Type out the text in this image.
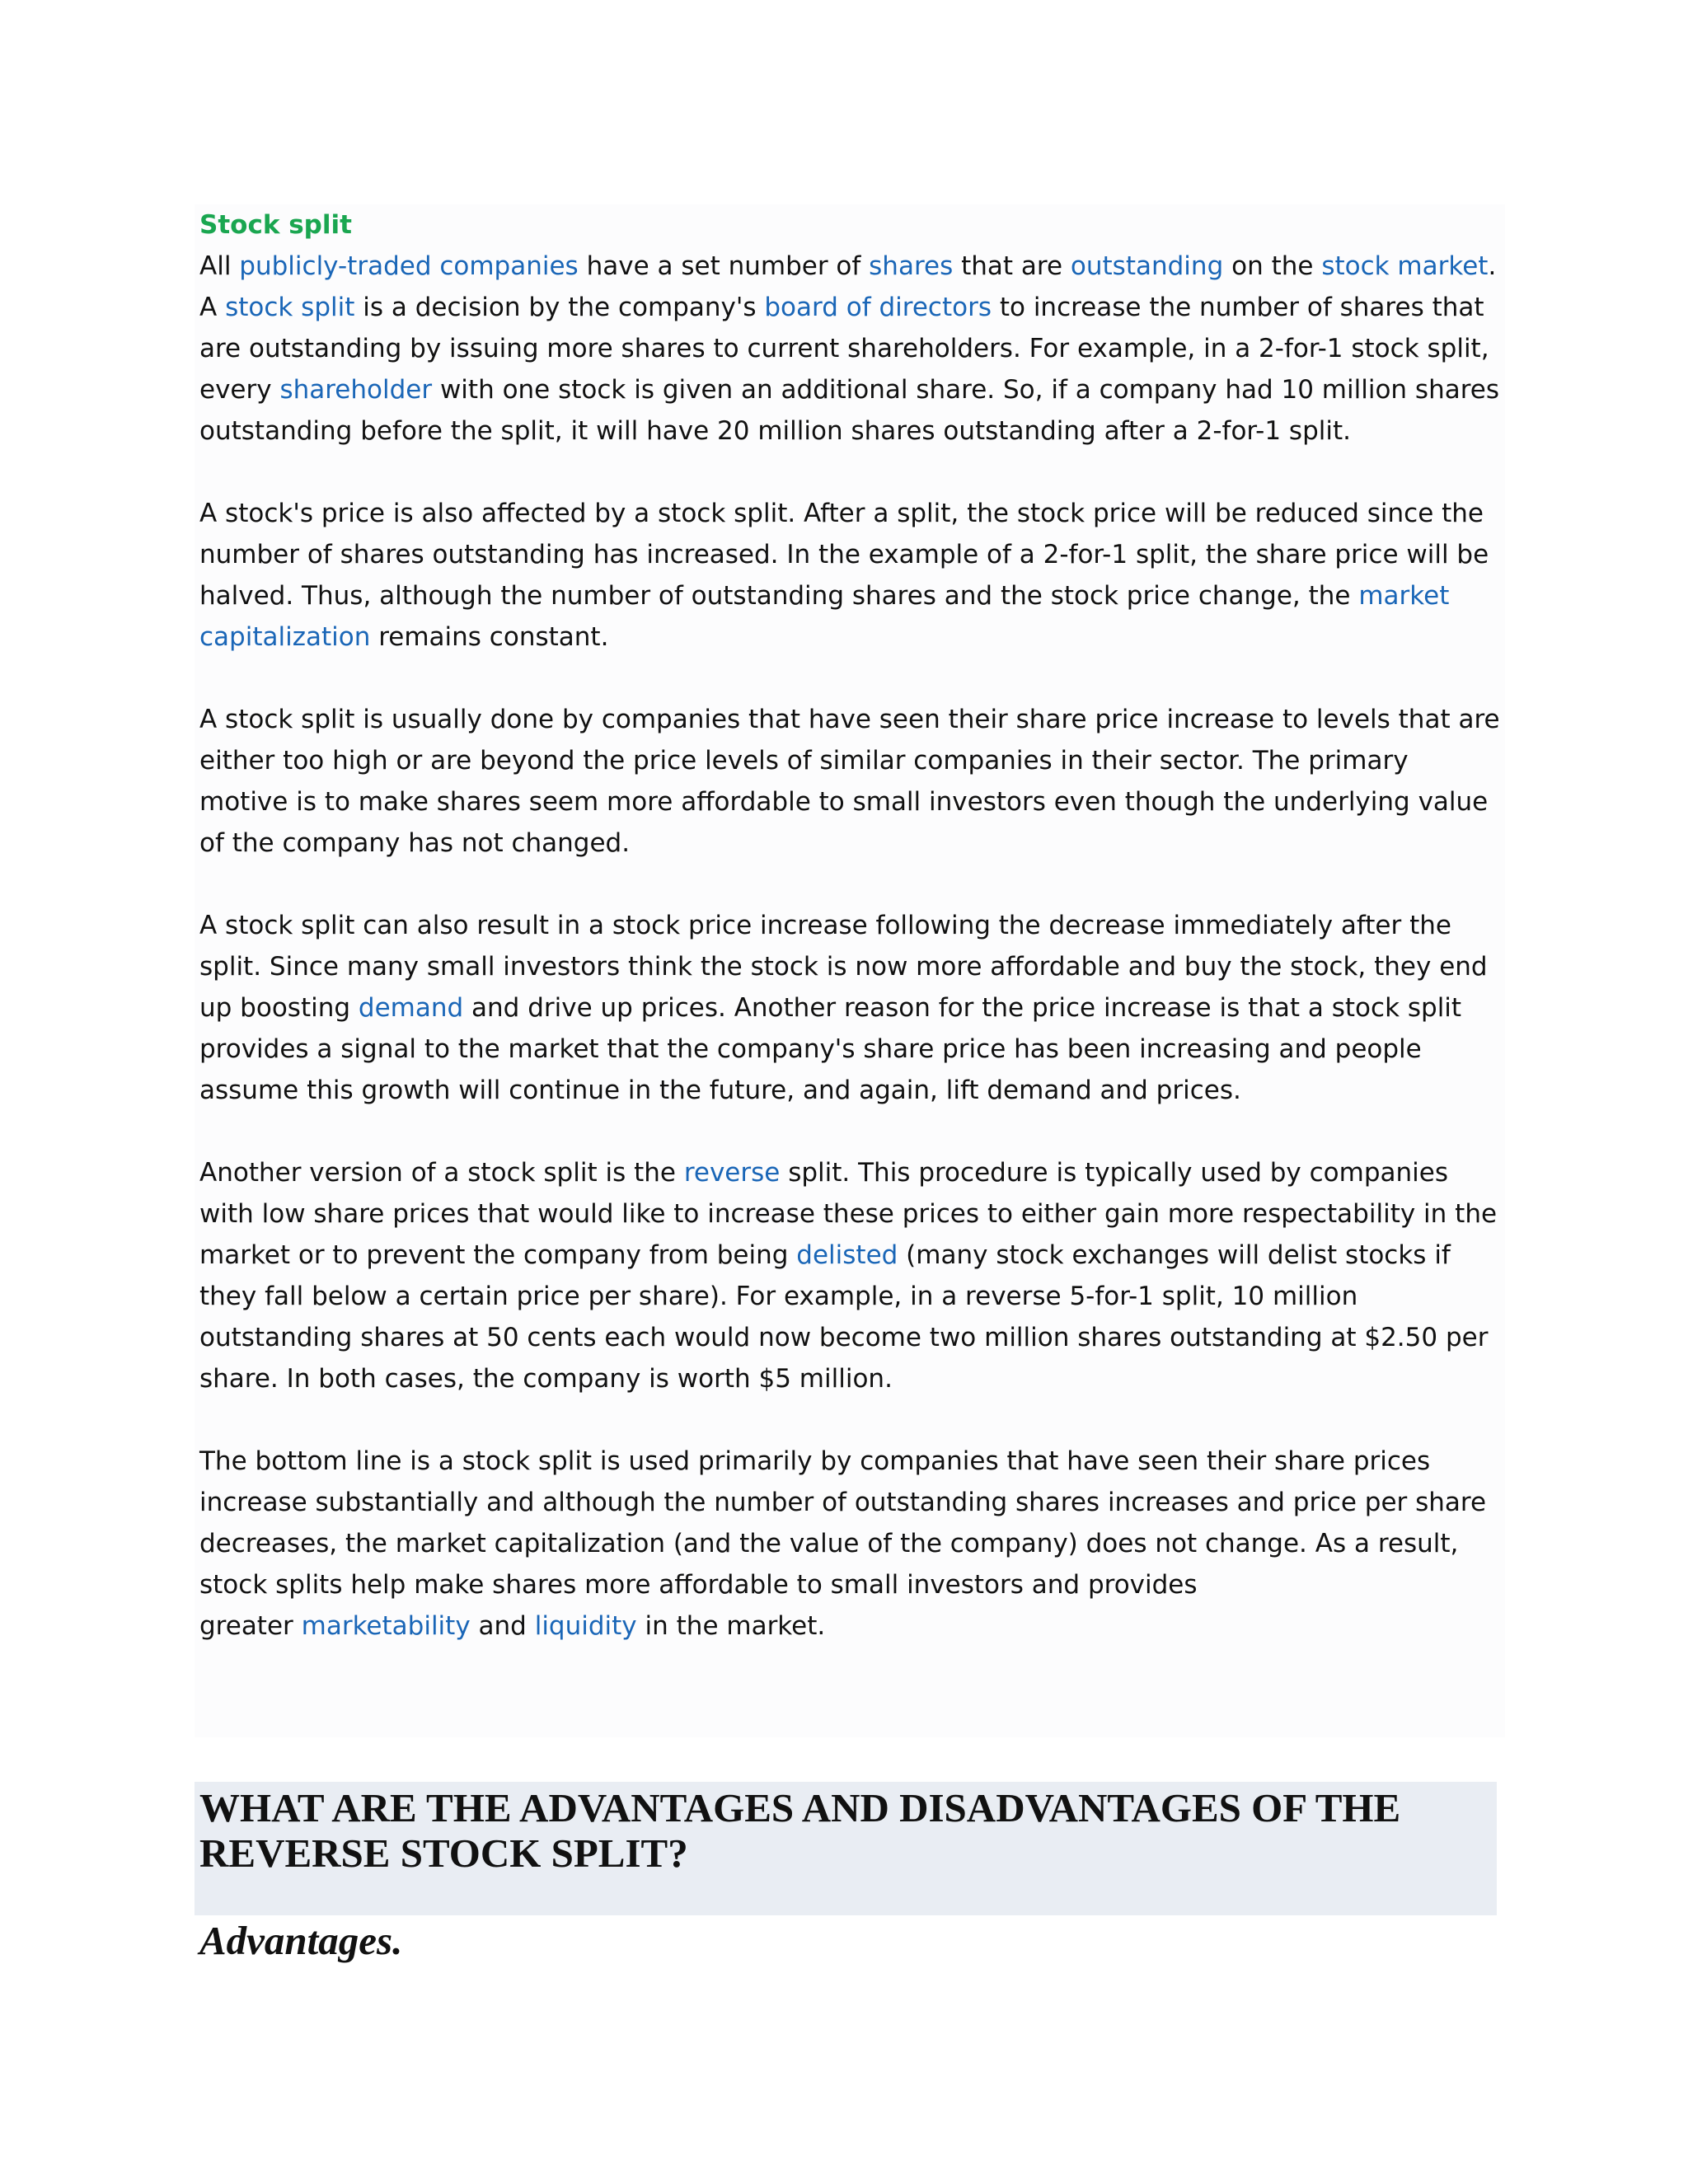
Stock split

All publicly-traded companies have a set number of shares that are outstanding on the stock market. A stock split is a decision by the company's board of directors to increase the number of shares that are outstanding by issuing more shares to current shareholders. For example, in a 2-for-1 stock split, every shareholder with one stock is given an additional share. So, if a company had 10 million shares outstanding before the split, it will have 20 million shares outstanding after a 2-for-1 split.

A stock's price is also affected by a stock split. After a split, the stock price will be reduced since the number of shares outstanding has increased. In the example of a 2-for-1 split, the share price will be halved. Thus, although the number of outstanding shares and the stock price change, the market capitalization remains constant.

A stock split is usually done by companies that have seen their share price increase to levels that are either too high or are beyond the price levels of similar companies in their sector. The primary motive is to make shares seem more affordable to small investors even though the underlying value of the company has not changed.

A stock split can also result in a stock price increase following the decrease immediately after the split. Since many small investors think the stock is now more affordable and buy the stock, they end up boosting demand and drive up prices. Another reason for the price increase is that a stock split provides a signal to the market that the company's share price has been increasing and people assume this growth will continue in the future, and again, lift demand and prices.

Another version of a stock split is the reverse split. This procedure is typically used by companies with low share prices that would like to increase these prices to either gain more respectability in the market or to prevent the company from being delisted (many stock exchanges will delist stocks if they fall below a certain price per share). For example, in a reverse 5-for-1 split, 10 million outstanding shares at 50 cents each would now become two million shares outstanding at $2.50 per share. In both cases, the company is worth $5 million.

The bottom line is a stock split is used primarily by companies that have seen their share prices increase substantially and although the number of outstanding shares increases and price per share decreases, the market capitalization (and the value of the company) does not change. As a result, stock splits help make shares more affordable to small investors and provides
greater marketability and liquidity in the market.

WHAT ARE THE ADVANTAGES AND DISADVANTAGES OF THE REVERSE STOCK SPLIT?
Advantages.
